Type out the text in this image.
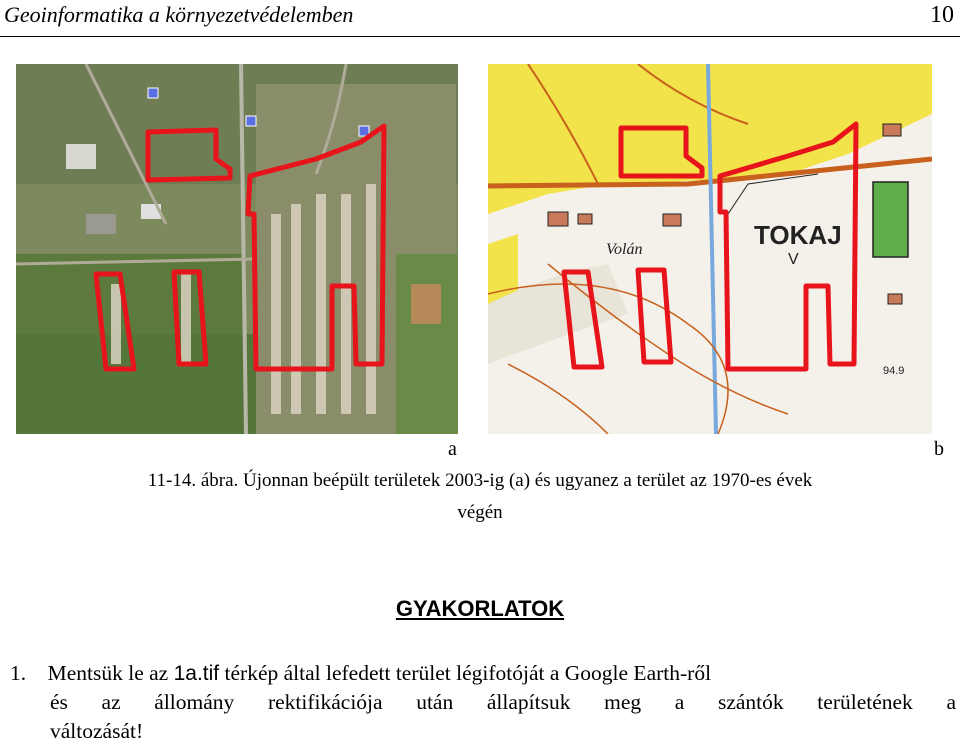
Geoinformatika a környezetvédelemben	10
TOKAJ
Volán
V
94.9
a	b
11-14. ábra. Újonnan beépült területek 2003-ig (a) és ugyanez a terület az 1970-es évek
végén
GYAKORLATOK
1. Mentsük le az 1a.tif térkép által lefedett terület légifotóját a Google Earth-ről
és az állomány rektifikációja után állapítsuk meg a szántók területének a
változását!
